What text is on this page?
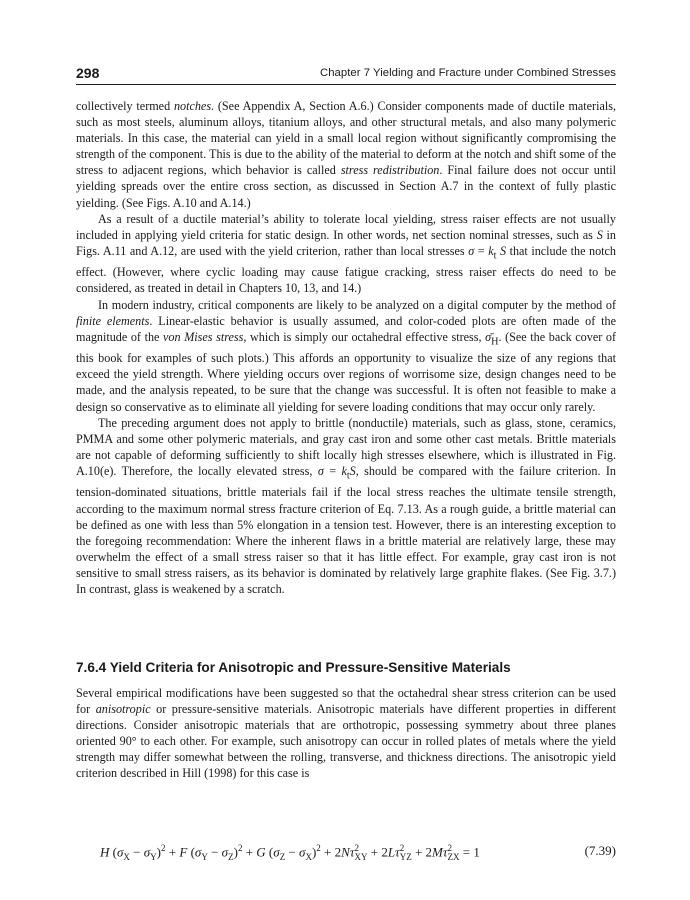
298	Chapter 7 Yielding and Fracture under Combined Stresses

collectively termed notches. (See Appendix A, Section A.6.) Consider components made of ductile materials, such as most steels, aluminum alloys, titanium alloys, and other structural metals, and also many polymeric materials. In this case, the material can yield in a small local region without significantly compromising the strength of the component. This is due to the ability of the material to deform at the notch and shift some of the stress to adjacent regions, which behavior is called stress redistribution. Final failure does not occur until yielding spreads over the entire cross section, as discussed in Section A.7 in the context of fully plastic yielding. (See Figs. A.10 and A.14.)

As a result of a ductile material’s ability to tolerate local yielding, stress raiser effects are not usually included in applying yield criteria for static design. In other words, net section nominal stresses, such as S in Figs. A.11 and A.12, are used with the yield criterion, rather than local stresses $\sigma = k_t$ S that include the notch effect. (However, where cyclic loading may cause fatigue cracking, stress raiser effects do need to be considered, as treated in detail in Chapters 10, 13, and 14.)

In modern industry, critical components are likely to be analyzed on a digital computer by the method of finite elements. Linear-elastic behavior is usually assumed, and color-coded plots are often made of the magnitude of the von Mises stress, which is simply our octahedral effective stress, $\sigmā_H$. (See the back cover of this book for examples of such plots.) This affords an opportunity to visualize the size of any regions that exceed the yield strength. Where yielding occurs over regions of worrisome size, design changes need to be made, and the analysis repeated, to be sure that the change was successful. It is often not feasible to make a design so conservative as to eliminate all yielding for severe loading conditions that may occur only rarely.

The preceding argument does not apply to brittle (nonductile) materials, such as glass, stone, ceramics, PMMA and some other polymeric materials, and gray cast iron and some other cast metals. Brittle materials are not capable of deforming sufficiently to shift locally high stresses elsewhere, which is illustrated in Fig. A.10(e). Therefore, the locally elevated stress, $\sigma = k_tS$, should be compared with the failure criterion. In tension-dominated situations, brittle materials fail if the local stress reaches the ultimate tensile strength, according to the maximum normal stress fracture criterion of Eq. 7.13. As a rough guide, a brittle material can be defined as one with less than 5% elongation in a tension test. However, there is an interesting exception to the foregoing recommendation: Where the inherent flaws in a brittle material are relatively large, these may overwhelm the effect of a small stress raiser so that it has little effect. For example, gray cast iron is not sensitive to small stress raisers, as its behavior is dominated by relatively large graphite flakes. (See Fig. 3.7.) In contrast, glass is weakened by a scratch.

7.6.4 Yield Criteria for Anisotropic and Pressure-Sensitive Materials

Several empirical modifications have been suggested so that the octahedral shear stress criterion can be used for anisotropic or pressure-sensitive materials. Anisotropic materials have different properties in different directions. Consider anisotropic materials that are orthotropic, possessing symmetry about three planes oriented 90° to each other. For example, such anisotropy can occur in rolled plates of metals where the yield strength may differ somewhat between the rolling, transverse, and thickness directions. The anisotropic yield criterion described in Hill (1998) for this case is

H $(\sigma_X - \sigma_Y)^2 + F$ $(\sigma_Y - \sigma_Z)^2 + G$ $(\sigma_Z - \sigma_X)^2 + 2N\tau$ 2
XY + 2Lτ 2
YZ + 2Mτ 2
ZX = 1	(7.39)
